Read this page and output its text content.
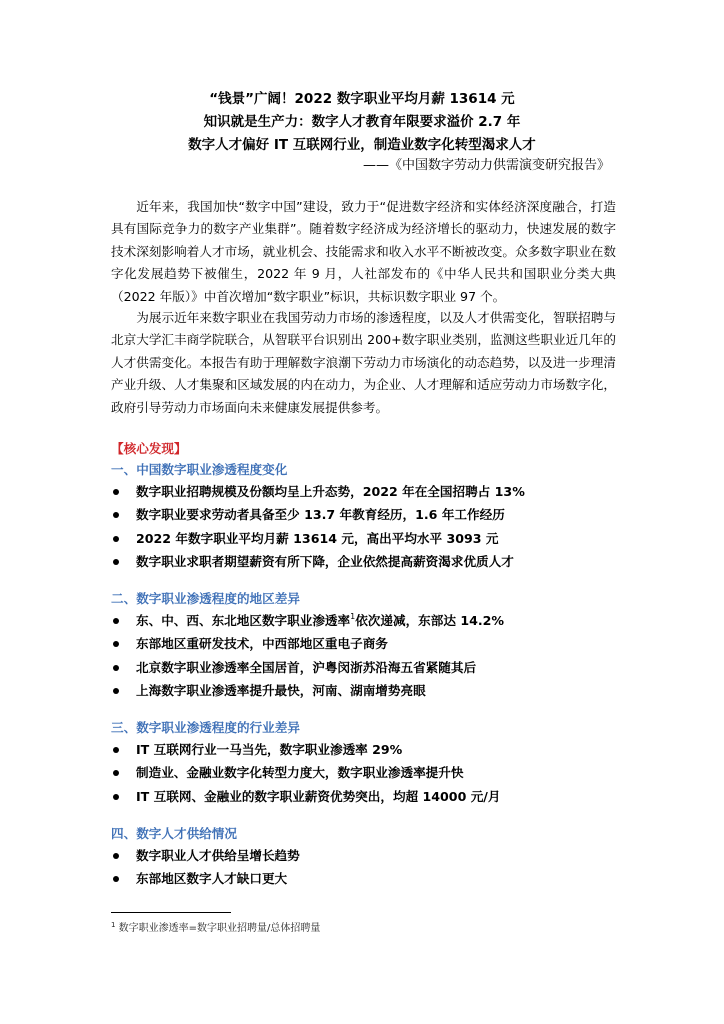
“钱景”广阔！2022 数字职业平均月薪 13614 元
知识就是生产力：数字人才教育年限要求溢价 2.7 年
数字人才偏好 IT 互联网行业，制造业数字化转型渴求人才
——《中国数字劳动力供需演变研究报告》

近年来，我国加快“数字中国”建设，致力于“促进数字经济和实体经济深度融合，打造具有国际竞争力的数字产业集群”。随着数字经济成为经济增长的驱动力，快速发展的数字技术深刻影响着人才市场，就业机会、技能需求和收入水平不断被改变。众多数字职业在数字化发展趋势下被催生，2022 年 9 月，人社部发布的《中华人民共和国职业分类大典（2022 年版）》中首次增加“数字职业”标识，共标识数字职业 97 个。

为展示近年来数字职业在我国劳动力市场的渗透程度，以及人才供需变化，智联招聘与北京大学汇丰商学院联合，从智联平台识别出 200+数字职业类别，监测这些职业近几年的人才供需变化。本报告有助于理解数字浪潮下劳动力市场演化的动态趋势，以及进一步理清产业升级、人才集聚和区域发展的内在动力，为企业、人才理解和适应劳动力市场数字化，政府引导劳动力市场面向未来健康发展提供参考。

【核心发现】
一、中国数字职业渗透程度变化
数字职业招聘规模及份额均呈上升态势，2022 年在全国招聘占 13%
数字职业要求劳动者具备至少 13.7 年教育经历，1.6 年工作经历
2022 年数字职业平均月薪 13614 元，高出平均水平 3093 元
数字职业求职者期望薪资有所下降，企业依然提高薪资渴求优质人才
二、数字职业渗透程度的地区差异
东、中、西、东北地区数字职业渗透率$^1$依次递减，东部达 14.2%
东部地区重研发技术，中西部地区重电子商务
北京数字职业渗透率全国居首，沪粤闵浙苏沿海五省紧随其后
上海数字职业渗透率提升最快，河南、湖南增势亮眼
三、数字职业渗透程度的行业差异
IT 互联网行业一马当先，数字职业渗透率 29%
制造业、金融业数字化转型力度大，数字职业渗透率提升快
IT 互联网、金融业的数字职业薪资优势突出，均超 14000 元/月
四、数字人才供给情况
数字职业人才供给呈增长趋势
东部地区数字人才缺口更大
$^1$ 数字职业渗透率=数字职业招聘量/总体招聘量
